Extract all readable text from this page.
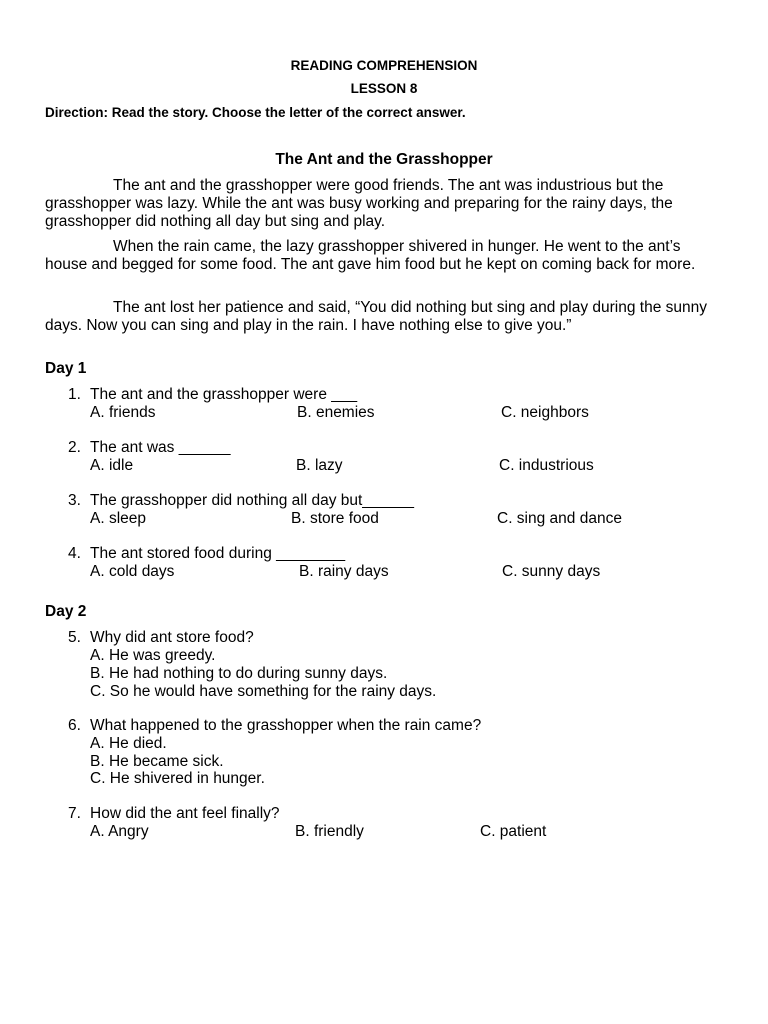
READING COMPREHENSION
LESSON 8
Direction: Read the story. Choose the letter of the correct answer.
The Ant and the Grasshopper
The ant and the grasshopper were good friends. The ant was industrious but the grasshopper was lazy. While the ant was busy working and preparing for the rainy days, the grasshopper did nothing all day but sing and play.
When the rain came, the lazy grasshopper shivered in hunger. He went to the ant’s house and begged for some food. The ant gave him food but he kept on coming back for more.
The ant lost her patience and said, “You did nothing but sing and play during the sunny days. Now you can sing and play in the rain. I have nothing else to give you.”
Day 1
1. The ant and the grasshopper were ___
A. friends	B. enemies	C. neighbors
2. The ant was ______
A. idle	B. lazy	C. industrious
3. The grasshopper did nothing all day but______
A. sleep	B. store food	C. sing and dance
4. The ant stored food during ________
A. cold days	B. rainy days	C. sunny days
Day 2
5. Why did ant store food?
A. He was greedy.
B. He had nothing to do during sunny days.
C. So he would have something for the rainy days.
6. What happened to the grasshopper when the rain came?
A. He died.
B. He became sick.
C. He shivered in hunger.
7. How did the ant feel finally?
A. Angry	B. friendly	C. patient
